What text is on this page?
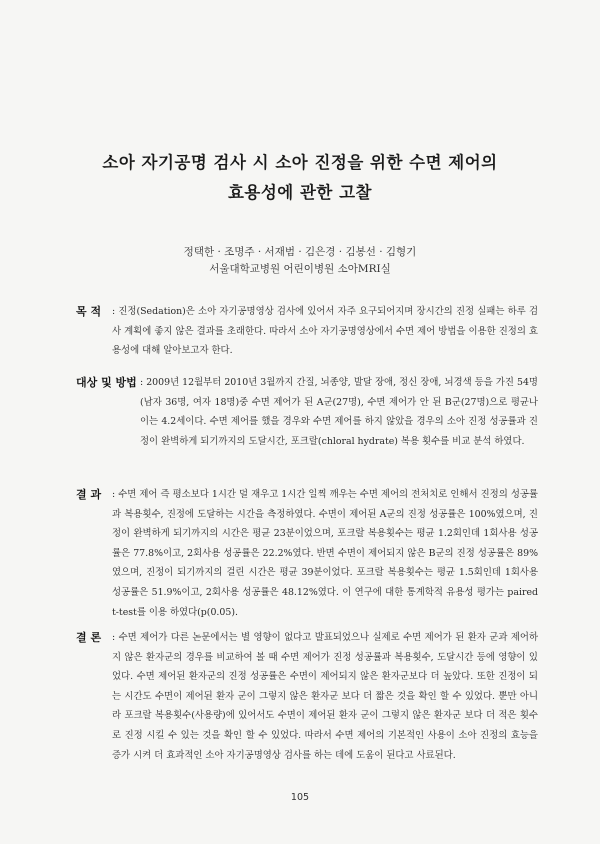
소아 자기공명 검사 시 소아 진정을 위한 수면 제어의
효용성에 관한 고찰
정택한 · 조명주 · 서재범 · 김은경 · 김봉선 · 김형기
서울대학교병원 어린이병원 소아MRI실
목 적 : 진정(Sedation)은 소아 자기공명영상 검사에 있어서 자주 요구되어지며 장시간의 진정 실패는 하루 검사 계획에 좋지 않은 결과를 초래한다. 따라서 소아 자기공명영상에서 수면 제어 방법을 이용한 진정의 효용성에 대해 알아보고자 한다.
대상 및 방법 : 2009년 12월부터 2010년 3월까지 간질, 뇌종양, 발달 장애, 정신 장애, 뇌경색 등을 가진 54명(남자 36명, 여자 18명)중 수면 제어가 된 A군(27명), 수면 제어가 안 된 B군(27명)으로 평균나이는 4.2세이다. 수면 제어를 했을 경우와 수면 제어를 하지 않았을 경우의 소아 진정 성공률과 진정이 완벽하게 되기까지의 도달시간, 포크랄(chloral hydrate) 복용 횟수를 비교 분석 하였다.
결 과 : 수면 제어 즉 평소보다 1시간 덜 재우고 1시간 일찍 깨우는 수면 제어의 전처치로 인해서 진정의 성공률과 복용횟수, 진정에 도달하는 시간을 측정하였다. 수면이 제어된 A군의 진정 성공률은 100%였으며, 진정이 완벽하게 되기까지의 시간은 평균 23분이었으며, 포크랄 복용횟수는 평균 1.2회인데 1회사용 성공률은 77.8%이고, 2회사용 성공률은 22.2%였다. 반면 수면이 제어되지 않은 B군의 진정 성공률은 89%였으며, 진정이 되기까지의 걸린 시간은 평균 39분이었다. 포크랄 복용횟수는 평균 1.5회인데 1회사용 성공률은 51.9%이고, 2회사용 성공률은 48.12%였다. 이 연구에 대한 통계학적 유용성 평가는 paired t-test를 이용 하였다(p(0.05).
결 론 : 수면 제어가 다른 논문에서는 별 영향이 없다고 발표되었으나 실제로 수면 제어가 된 환자 군과 제어하지 않은 환자군의 경우를 비교하여 볼 때 수면 제어가 진정 성공률과 복용횟수, 도달시간 등에 영향이 있었다. 수면 제어된 환자군의 진정 성공률은 수면이 제어되지 않은 환자군보다 더 높았다. 또한 진정이 되는 시간도 수면이 제어된 환자 군이 그렇지 않은 환자군 보다 더 짧은 것을 확인 할 수 있었다. 뿐만 아니라 포크랄 복용횟수(사용량)에 있어서도 수면이 제어된 환자 군이 그렇지 않은 환자군 보다 더 적은 횟수로 진정 시킬 수 있는 것을 확인 할 수 있었다. 따라서 수면 제어의 기본적인 사용이 소아 진정의 효능을 증가 시켜 더 효과적인 소아 자기공명영상 검사를 하는 데에 도움이 된다고 사료된다.
105
